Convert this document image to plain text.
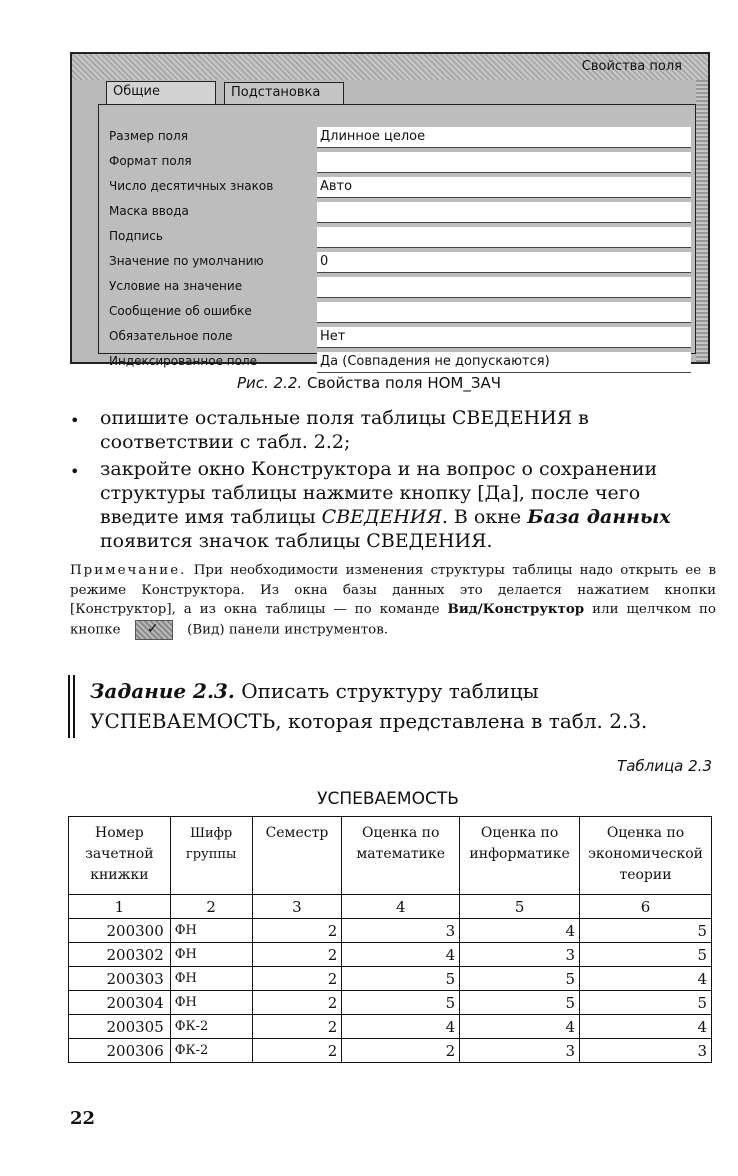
Свойства поля
Общие	Подстановка
Размер поля	Длинное целое
Формат поля
Число десятичных знаков	Авто
Маска ввода
Подпись
Значение по умолчанию	0
Условие на значение
Сообщение об ошибке
Обязательное поле	Нет
Индексированное поле	Да (Совпадения не допускаются)
Рис. 2.2. Свойства поля НОМ_ЗАЧ
• опишите остальные поля таблицы СВЕДЕНИЯ в соответствии с табл. 2.2;
• закройте окно Конструктора и на вопрос о сохранении структуры таблицы нажмите кнопку [Да], после чего введите имя таблицы СВЕДЕНИЯ. В окне База данных появится значок таблицы СВЕДЕНИЯ.
Примечание. При необходимости изменения структуры таблицы надо открыть ее в режиме Конструктора. Из окна базы данных это делается нажатием кнопки [Конструктор], а из окна таблицы — по команде Вид/Конструктор или щелчком по кнопке ✓	(Вид) панели инструментов.
Задание 2.3. Описать структуру таблицы УСПЕВАЕМОСТЬ, которая представлена в табл. 2.3.
Таблица 2.3
УСПЕВАЕМОСТЬ
Номер зачетной книжки	Шифр группы	Семестр	Оценка по математике	Оценка по информатике	Оценка по экономической теории
1	2	3	4	5	6
200300	ФН	2	3	4	5
200302	ФН	2	4	3	5
200303	ФН	2	5	5	4
200304	ФН	2	5	5	5
200305	ФК-2	2	4	4	4
200306	ФК-2	2	2	3	3
22
